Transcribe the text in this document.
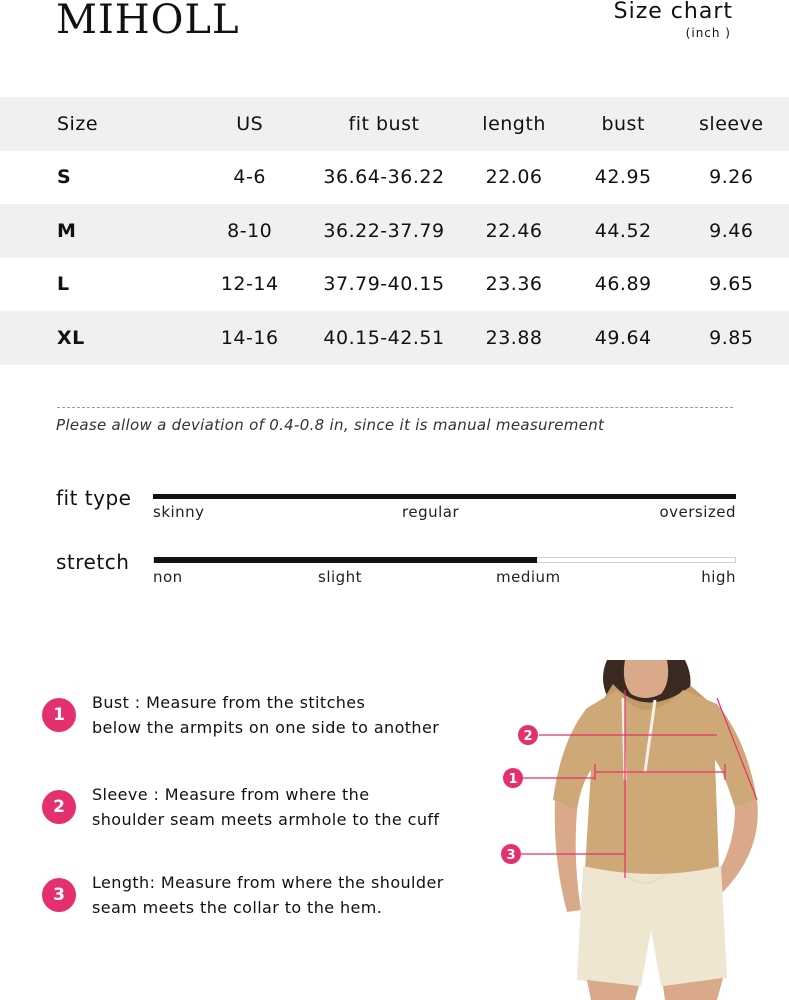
MIHOLL	Size chart
(inch )
Size	US	fit bust	length	bust	sleeve
S	4-6	36.64-36.22	22.06	42.95	9.26
M	8-10	36.22-37.79	22.46	44.52	9.46
L	12-14	37.79-40.15	23.36	46.89	9.65
XL	14-16	40.15-42.51	23.88	49.64	9.85
Please allow a deviation of 0.4-0.8 in, since it is manual measurement
fit type
skinny	regular	oversized
stretch
non	slight	medium	high
1
Bust : Measure from the stitches
below the armpits on one side to another
2
Sleeve : Measure from where the
shoulder seam meets armhole to the cuff
3
Length: Measure from where the shoulder
seam meets the collar to the hem.
2
1
3
